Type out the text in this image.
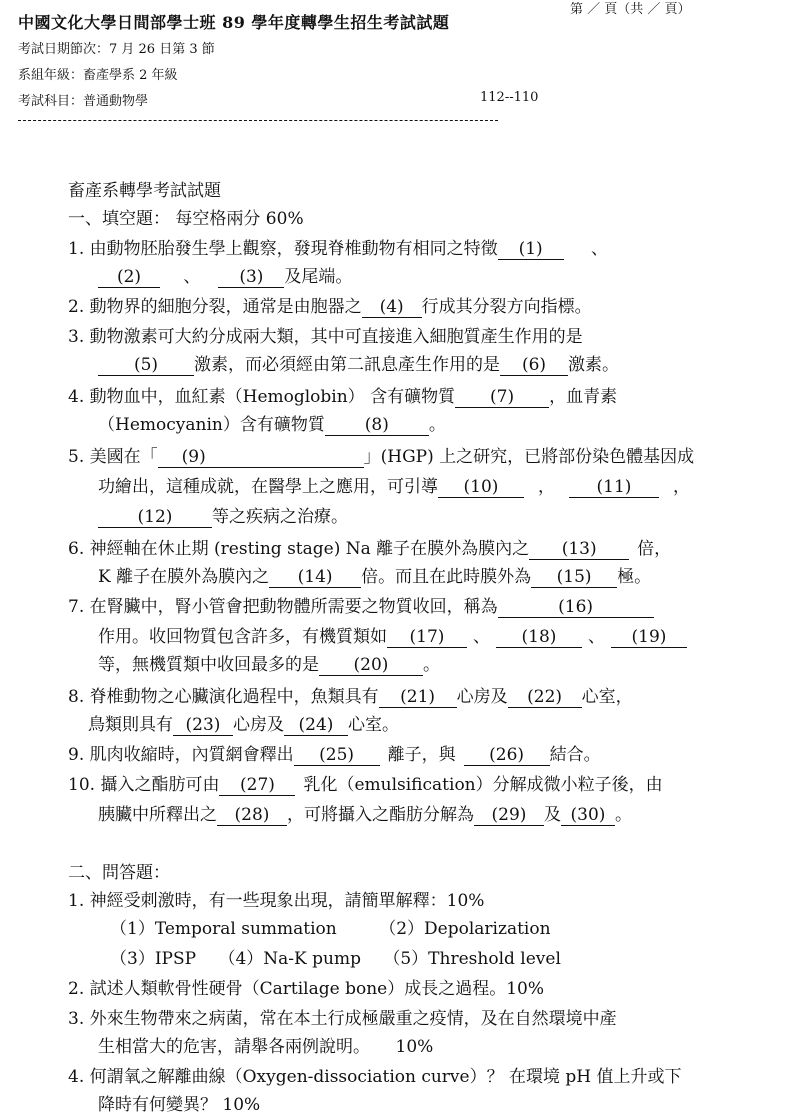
中國文化大學日間部學士班 89 學年度轉學生招生考試試題
第 ／ 頁（共 ／ 頁）
考試日期節次：7 月 26 日第 3 節
系組年級：畜產學系 2 年級
考試科目：普通動物學	112--110
畜產系轉學考試試題
一、填空題： 每空格兩分 60%
1. 由動物胚胎發生學上觀察，發現脊椎動物有相同之特徵 (1)	、
(2) 、 (3) 及尾端。
2. 動物界的細胞分裂，通常是由胞器之 (4) 行成其分裂方向指標。
3. 動物激素可大約分成兩大類，其中可直接進入細胞質產生作用的是
(5) 激素，而必須經由第二訊息產生作用的是 (6) 激素。
4. 動物血中，血紅素（Hemoglobin） 含有礦物質 (7) ，血青素
（Hemocyanin）含有礦物質 (8) 。
5. 美國在「 (9)	」(HGP) 上之研究，已將部份染色體基因成
功繪出，這種成就，在醫學上之應用，可引導 (10) ， (11) ，
(12) 等之疾病之治療。
6. 神經軸在休止期 (resting stage) Na 離子在膜外為膜內之 (13) 倍，
K 離子在膜外為膜內之 (14) 倍。而且在此時膜外為 (15) 極。
7. 在腎臟中，腎小管會把動物體所需要之物質收回，稱為	(16)
作用。收回物質包含許多，有機質類如 (17) 、 (18) 、 (19)
等，無機質類中收回最多的是 (20) 。
8. 脊椎動物之心臟演化過程中，魚類具有 (21) 心房及 (22) 心室，
鳥類則具有 (23) 心房及 (24) 心室。
9. 肌肉收縮時，內質網會釋出 (25) 離子，與 (26) 結合。
10. 攝入之酯肪可由 (27) 乳化（emulsification）分解成微小粒子後，由
胰臟中所釋出之 (28) ，可將攝入之酯肪分解為 (29) 及 (30) 。
二、問答題：
1. 神經受刺激時，有一些現象出現，請簡單解釋：10%
（1）Temporal summation　　　（2）Depolarization
（3）IPSP　 （4）Na-K pump　 （5）Threshold level
2. 試述人類軟骨性硬骨（Cartilage bone）成長之過程。10%
3. 外來生物帶來之病菌，常在本土行成極嚴重之疫情，及在自然環境中產
生相當大的危害，請舉各兩例說明。　　10%
4. 何謂氧之解離曲線（Oxygen-dissociation curve）？ 在環境 pH 值上升或下
降時有何變異？ 10%
